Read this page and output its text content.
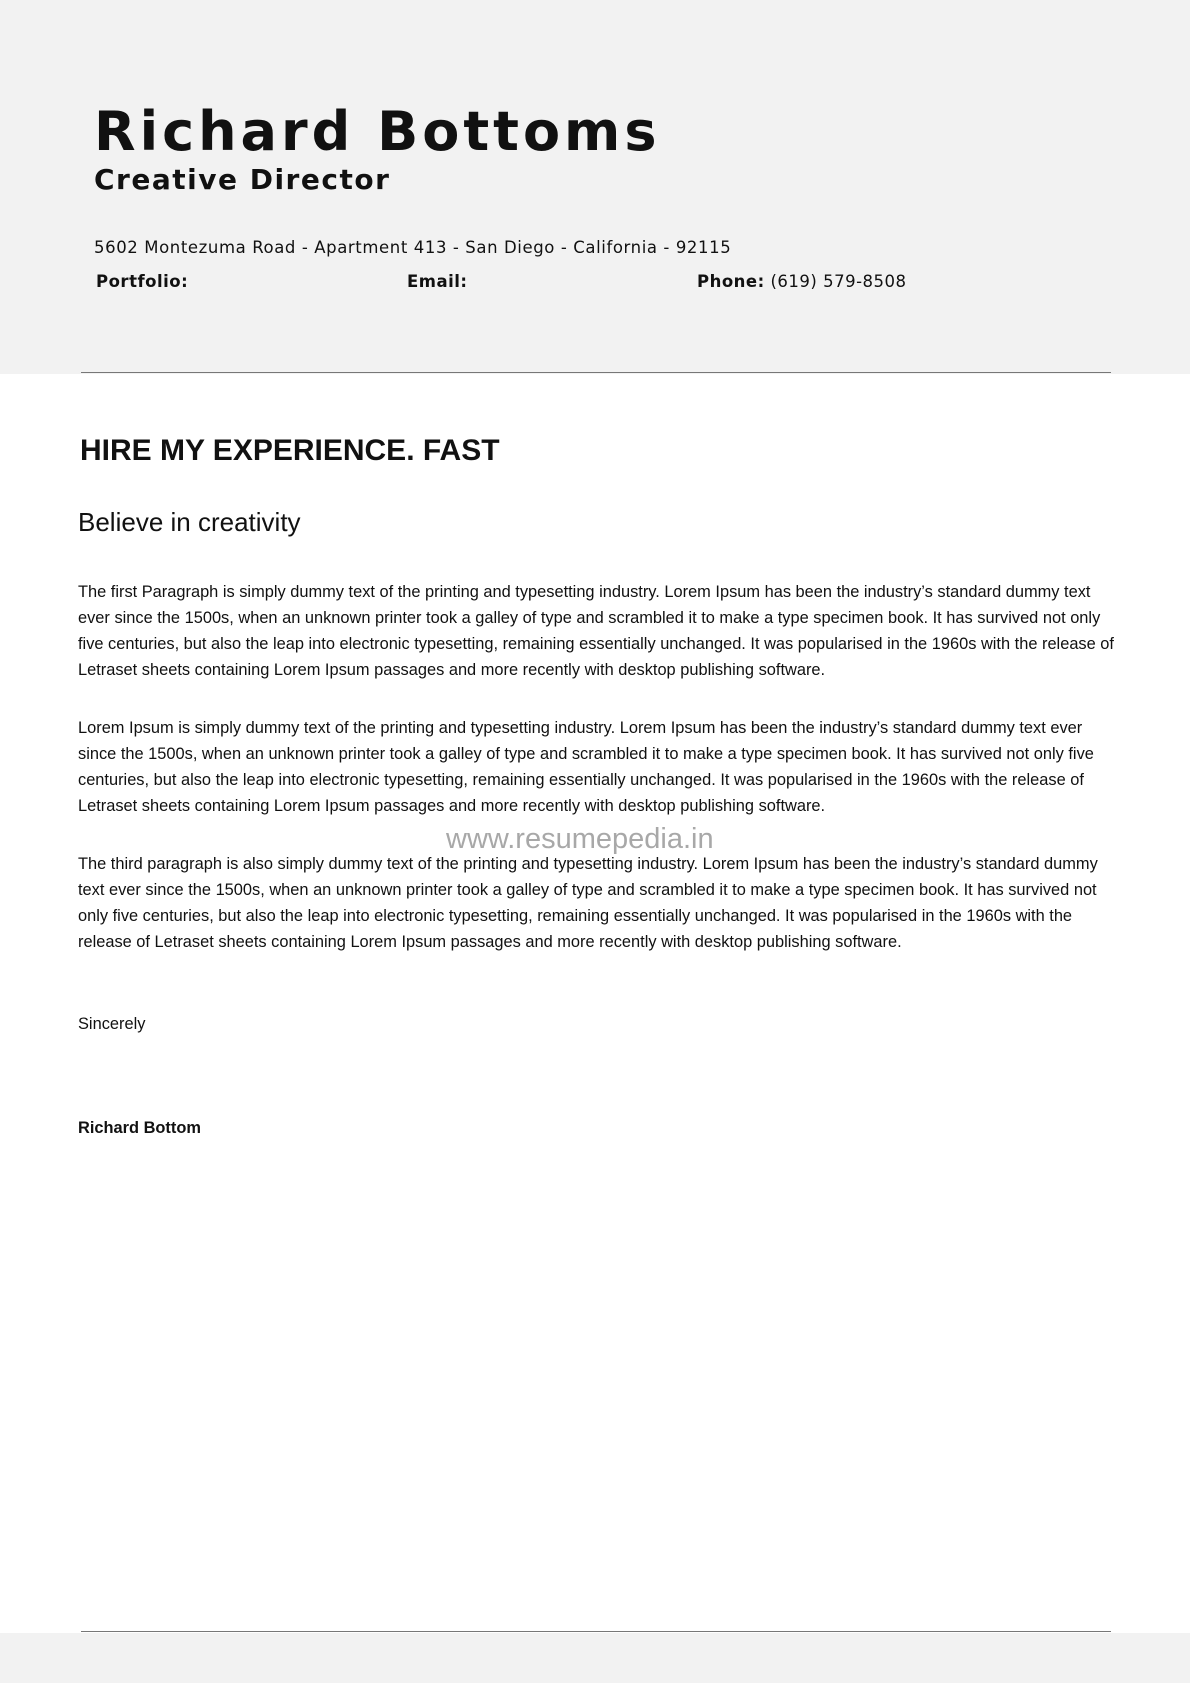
Richard Bottoms
Creative Director
5602 Montezuma Road - Apartment 413 - San Diego - California - 92115
Portfolio:	Email:	Phone: (619) 579-8508
HIRE MY EXPERIENCE. FAST
Believe in creativity

The first Paragraph is simply dummy text of the printing and typesetting industry. Lorem Ipsum has been the industry’s standard dummy text ever since the 1500s, when an unknown printer took a galley of type and scrambled it to make a type specimen book. It has survived not only five centuries, but also the leap into electronic typesetting, remaining essentially unchanged. It was popularised in the 1960s with the release of Letraset sheets containing Lorem Ipsum passages and more recently with desktop publishing software.

Lorem Ipsum is simply dummy text of the printing and typesetting industry. Lorem Ipsum has been the industry’s standard dummy text ever since the 1500s, when an unknown printer took a galley of type and scrambled it to make a type specimen book. It has survived not only five centuries, but also the leap into electronic typesetting, remaining essentially unchanged. It was popularised in the 1960s with the release of Letraset sheets containing Lorem Ipsum passages and more recently with desktop publishing software.

www.resumepedia.in

The third paragraph is also simply dummy text of the printing and typesetting industry. Lorem Ipsum has been the industry’s standard dummy text ever since the 1500s, when an unknown printer took a galley of type and scrambled it to make a type specimen book. It has survived not only five centuries, but also the leap into electronic typesetting, remaining essentially unchanged. It was popularised in the 1960s with the release of Letraset sheets containing Lorem Ipsum passages and more recently with desktop publishing software.

Sincerely
Richard Bottom
